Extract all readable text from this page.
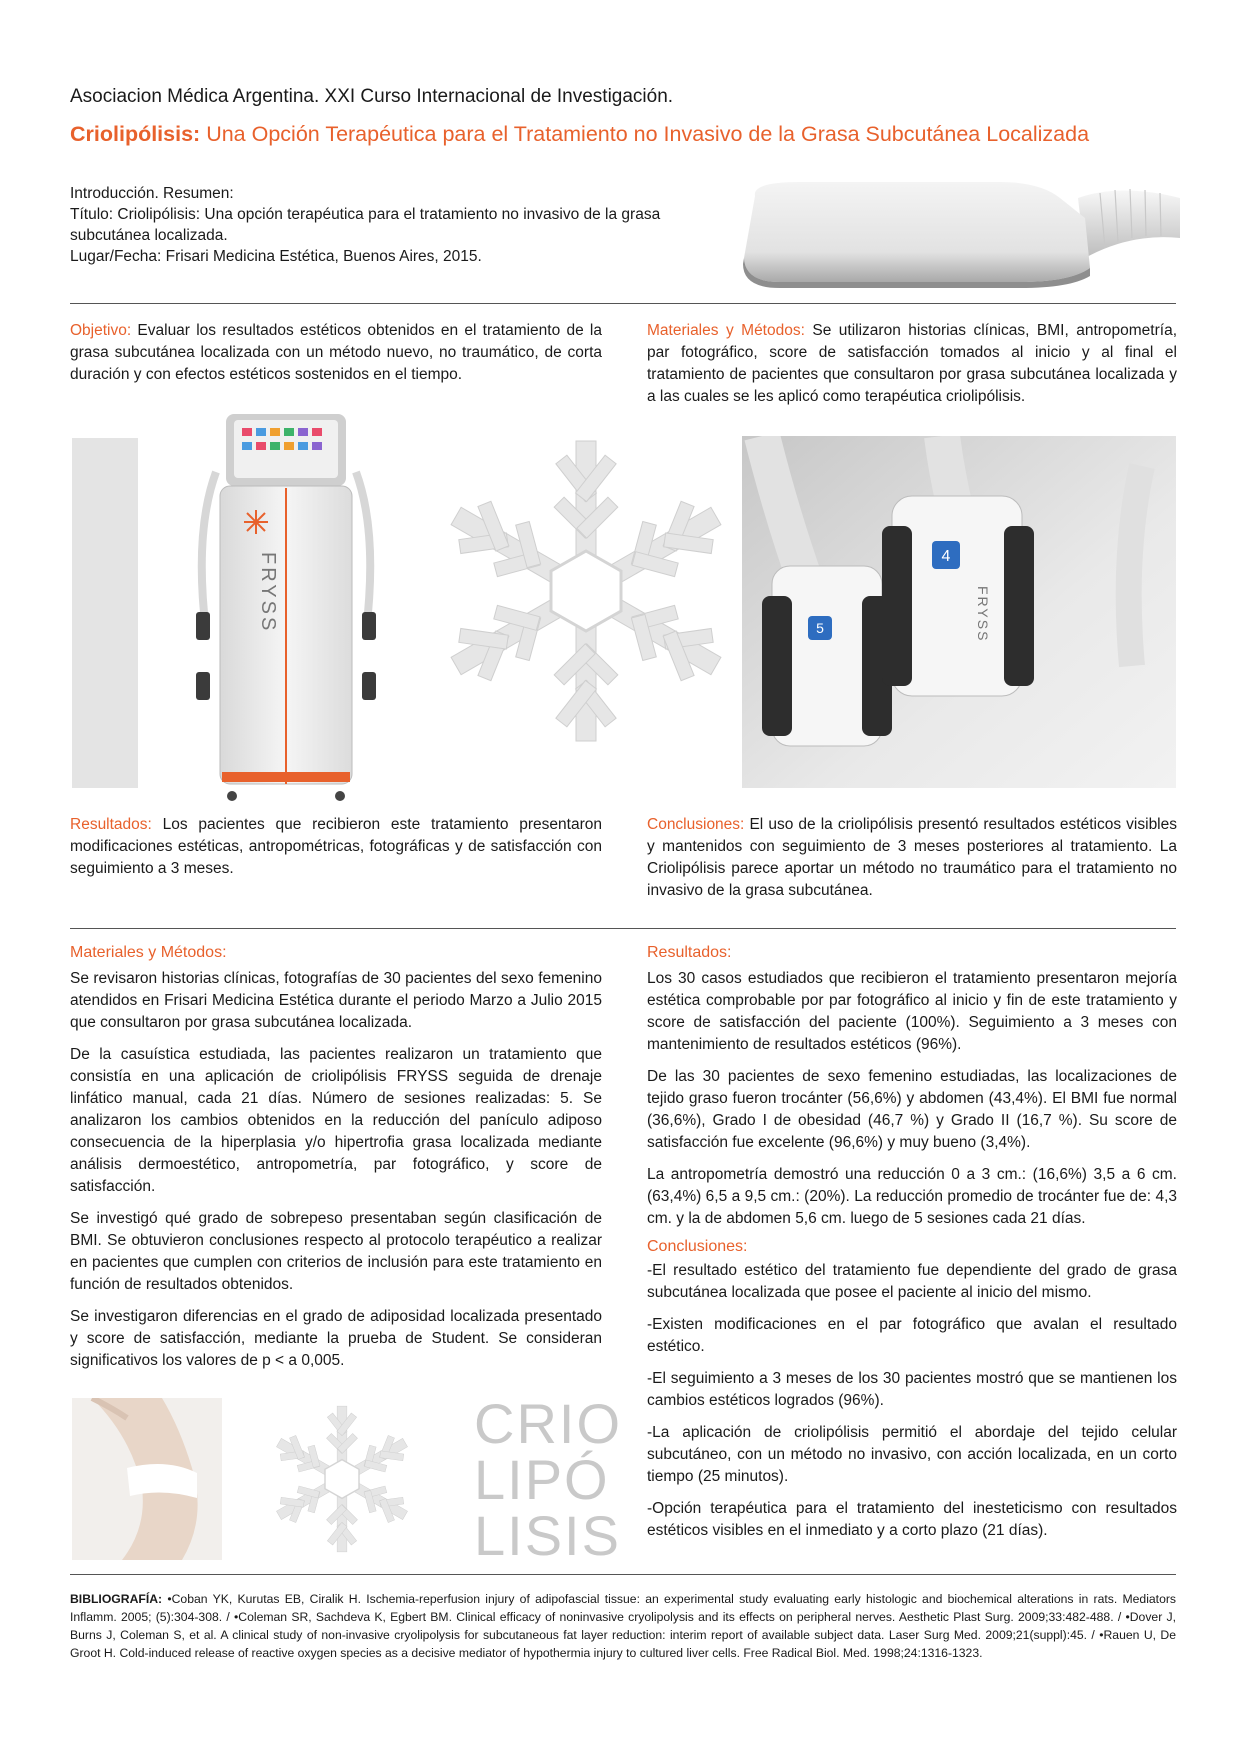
Asociacion Médica Argentina. XXI Curso Internacional de Investigación.
Criolipólisis: Una Opción Terapéutica para el Tratamiento no Invasivo de la Grasa Subcutánea Localizada
Introducción. Resumen:
Título: Criolipólisis: Una opción terapéutica para el tratamiento no invasivo de la grasa subcutánea localizada.
Lugar/Fecha: Frisari Medicina Estética, Buenos Aires, 2015.
Objetivo: Evaluar los resultados estéticos obtenidos en el tratamiento de la grasa subcutánea localizada con un método nuevo, no traumático, de corta duración y con efectos estéticos sostenidos en el tiempo.
Materiales y Métodos: Se utilizaron historias clínicas, BMI, antropometría, par fotográfico, score de satisfacción tomados al inicio y al final el tratamiento de pacientes que consultaron por grasa subcutánea localizada y a las cuales se les aplicó como terapéutica criolipólisis.
FRYSS	4
5	FRYSS
Resultados: Los pacientes que recibieron este tratamiento presentaron modificaciones estéticas, antropométricas, fotográficas y de satisfacción con seguimiento a 3 meses.
Conclusiones: El uso de la criolipólisis presentó resultados estéticos visibles y mantenidos con seguimiento de 3 meses posteriores al tratamiento. La Criolipólisis parece aportar un método no traumático para el tratamiento no invasivo de la grasa subcutánea.
Materiales y Métodos:
Se revisaron historias clínicas, fotografías de 30 pacientes del sexo femenino atendidos en Frisari Medicina Estética durante el periodo Marzo a Julio 2015 que consultaron por grasa subcutánea localizada.
De la casuística estudiada, las pacientes realizaron un tratamiento que consistía en una aplicación de criolipólisis FRYSS seguida de drenaje linfático manual, cada 21 días. Número de sesiones realizadas: 5. Se analizaron los cambios obtenidos en la reducción del panículo adiposo consecuencia de la hiperplasia y/o hipertrofia grasa localizada mediante análisis dermoestético, antropometría, par fotográfico, y score de satisfacción.
Se investigó qué grado de sobrepeso presentaban según clasificación de BMI. Se obtuvieron conclusiones respecto al protocolo terapéutico a realizar en pacientes que cumplen con criterios de inclusión para este tratamiento en función de resultados obtenidos.
Se investigaron diferencias en el grado de adiposidad localizada presentado y score de satisfacción, mediante la prueba de Student. Se consideran significativos los valores de p < a 0,005.
Resultados:
Los 30 casos estudiados que recibieron el tratamiento presentaron mejoría estética comprobable por par fotográfico al inicio y fin de este tratamiento y score de satisfacción del paciente (100%). Seguimiento a 3 meses con mantenimiento de resultados estéticos (96%).
De las 30 pacientes de sexo femenino estudiadas, las localizaciones de tejido graso fueron trocánter (56,6%) y abdomen (43,4%). El BMI fue normal (36,6%), Grado I de obesidad (46,7 %) y Grado II (16,7 %). Su score de satisfacción fue excelente (96,6%) y muy bueno (3,4%).
La antropometría demostró una reducción 0 a 3 cm.: (16,6%) 3,5 a 6 cm. (63,4%) 6,5 a 9,5 cm.: (20%). La reducción promedio de trocánter fue de: 4,3 cm. y la de abdomen 5,6 cm. luego de 5 sesiones cada 21 días.
Conclusiones:
-El resultado estético del tratamiento fue dependiente del grado de grasa subcutánea localizada que posee el paciente al inicio del mismo.
-Existen modificaciones en el par fotográfico que avalan el resultado estético.
-El seguimiento a 3 meses de los 30 pacientes mostró que se mantienen los cambios estéticos logrados (96%).
-La aplicación de criolipólisis permitió el abordaje del tejido celular subcutáneo, con un método no invasivo, con acción localizada, en un corto tiempo (25 minutos).
-Opción terapéutica para el tratamiento del inesteticismo con resultados estéticos visibles en el inmediato y a corto plazo (21 días).
CRIO
LIPÓ
LISIS
BIBLIOGRAFÍA: •Coban YK, Kurutas EB, Ciralik H. Ischemia-reperfusion injury of adipofascial tissue: an experimental study evaluating early histologic and biochemical alterations in rats. Mediators Inflamm. 2005; (5):304-308. / •Coleman SR, Sachdeva K, Egbert BM. Clinical efficacy of noninvasive cryolipolysis and its effects on peripheral nerves. Aesthetic Plast Surg. 2009;33:482-488. / •Dover J, Burns J, Coleman S, et al. A clinical study of non-invasive cryolipolysis for subcutaneous fat layer reduction: interim report of available subject data. Laser Surg Med. 2009;21(suppl):45. / •Rauen U, De Groot H. Cold-induced release of reactive oxygen species as a decisive mediator of hypothermia injury to cultured liver cells. Free Radical Biol. Med. 1998;24:1316-1323.
